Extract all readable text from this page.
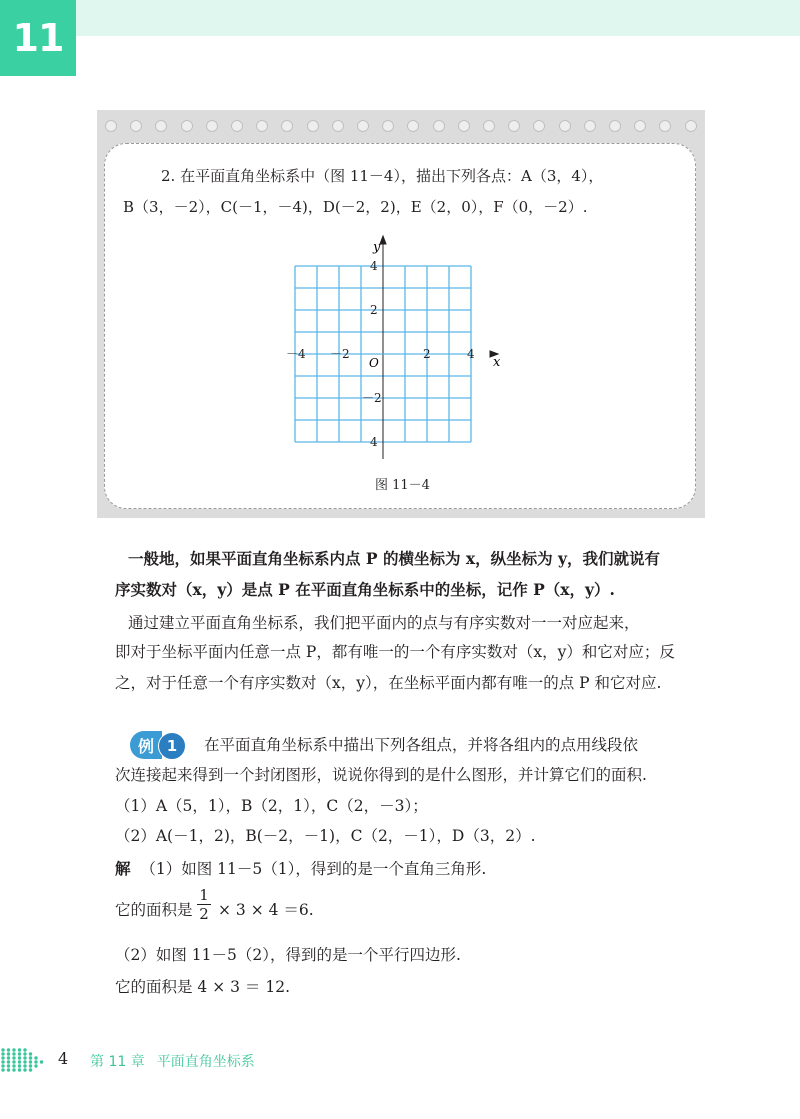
11
2. 在平面直角坐标系中（图 11－4），描出下列各点：A（3，4），
B（3，－2），C(－1，－4)，D(－2，2)，E（2，0），F（0，－2）.
y
x
O
－4 －2	2	4
4
2
－2
4
图 11－4
一般地，如果平面直角坐标系内点 P 的横坐标为 x，纵坐标为 y，我们就说有
序实数对（x，y）是点 P 在平面直角坐标系中的坐标，记作 P（x，y）.
通过建立平面直角坐标系，我们把平面内的点与有序实数对一一对应起来，
即对于坐标平面内任意一点 P，都有唯一的一个有序实数对（x，y）和它对应；反
之，对于任意一个有序实数对（x，y），在坐标平面内都有唯一的点 P 和它对应.
例 1	在平面直角坐标系中描出下列各组点，并将各组内的点用线段依
次连接起来得到一个封闭图形，说说你得到的是什么图形，并计算它们的面积.
（1）A（5，1），B（2，1），C（2，－3）；
（2）A(－1，2)，B(－2，－1)，C（2，－1），D（3，2）.
解 （1）如图 11－5（1），得到的是一个直角三角形.
它的面积是 $\frac{1}{2} \times 3 \times 4 =6$.
（2）如图 11－5（2），得到的是一个平行四边形.
它的面积是 4 × 3 ＝ 12.
4 第 11 章 平面直角坐标系
